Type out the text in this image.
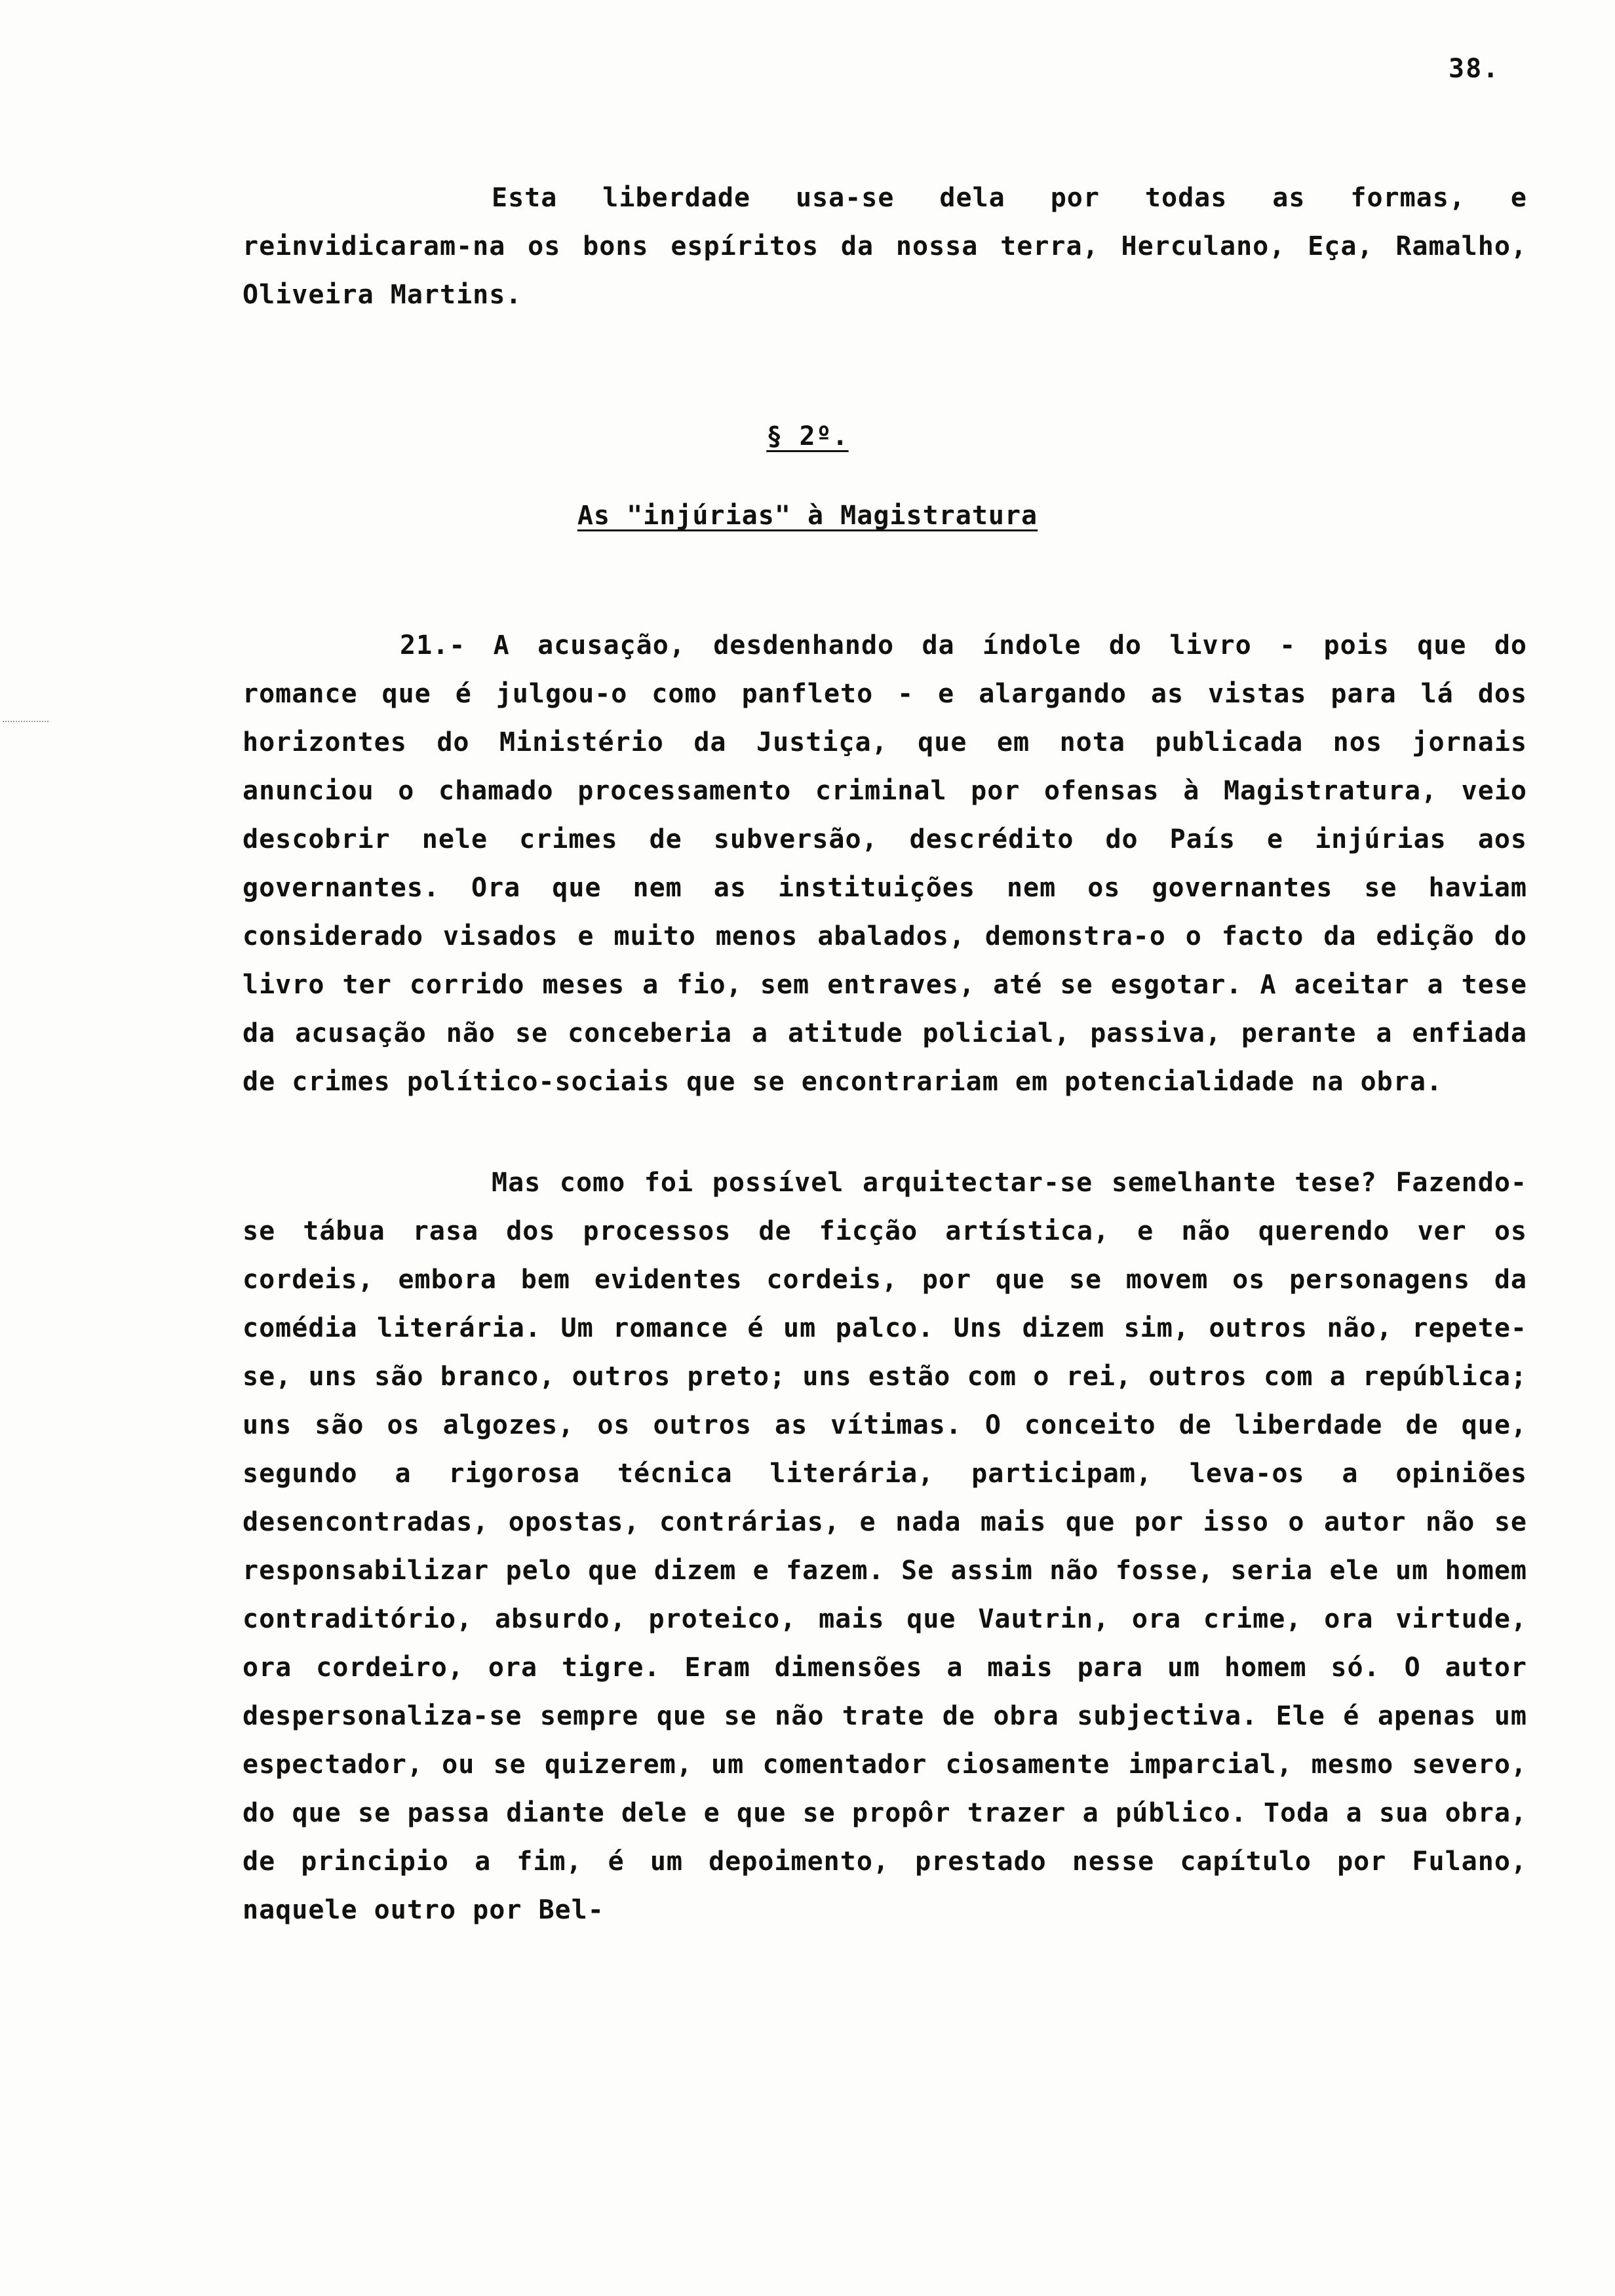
38.

Esta liberdade usa-se dela por todas as formas, e reinvidicaram-na os bons espíritos da nossa terra, Herculano, Eça, Ramalho, Oliveira Martins.

§ 2º.
As "injúrias" à Magistratura

21.- A acusação, desdenhando da índole do livro - pois que do romance que é julgou-o como panfleto - e alargando as vistas para lá dos horizontes do Ministério da Justiça, que em nota publicada nos jornais anunciou o chamado processamento criminal por ofensas à Magistratura, veio descobrir nele crimes de subversão, descrédito do País e injúrias aos governantes. Ora que nem as instituições nem os governantes se haviam considerado visados e muito menos abalados, demonstra-o o facto da edição do livro ter corrido meses a fio, sem entraves, até se esgotar. A aceitar a tese da acusação não se conceberia a atitude policial, passiva, perante a enfiada de crimes político-sociais que se encontrariam em potencialidade na obra.

Mas como foi possível arquitectar-se semelhante tese? Fazendo-se tábua rasa dos processos de ficção artística, e não querendo ver os cordeis, embora bem evidentes cordeis, por que se movem os personagens da comédia literária. Um romance é um palco. Uns dizem sim, outros não, repete-se, uns são branco, outros preto; uns estão com o rei, outros com a república; uns são os algozes, os outros as vítimas. O conceito de liberdade de que, segundo a rigorosa técnica literária, participam, leva-os a opiniões desencontradas, opostas, contrárias, e nada mais que por isso o autor não se responsabilizar pelo que dizem e fazem. Se assim não fosse, seria ele um homem contraditório, absurdo, proteico, mais que Vautrin, ora crime, ora virtude, ora cordeiro, ora tigre. Eram dimensões a mais para um homem só. O autor despersonaliza-se sempre que se não trate de obra subjectiva. Ele é apenas um espectador, ou se quizerem, um comentador ciosamente imparcial, mesmo severo, do que se passa diante dele e que se propôr trazer a público. Toda a sua obra, de principio a fim, é um depoimento, prestado nesse capítulo por Fulano, naquele outro por Bel-
